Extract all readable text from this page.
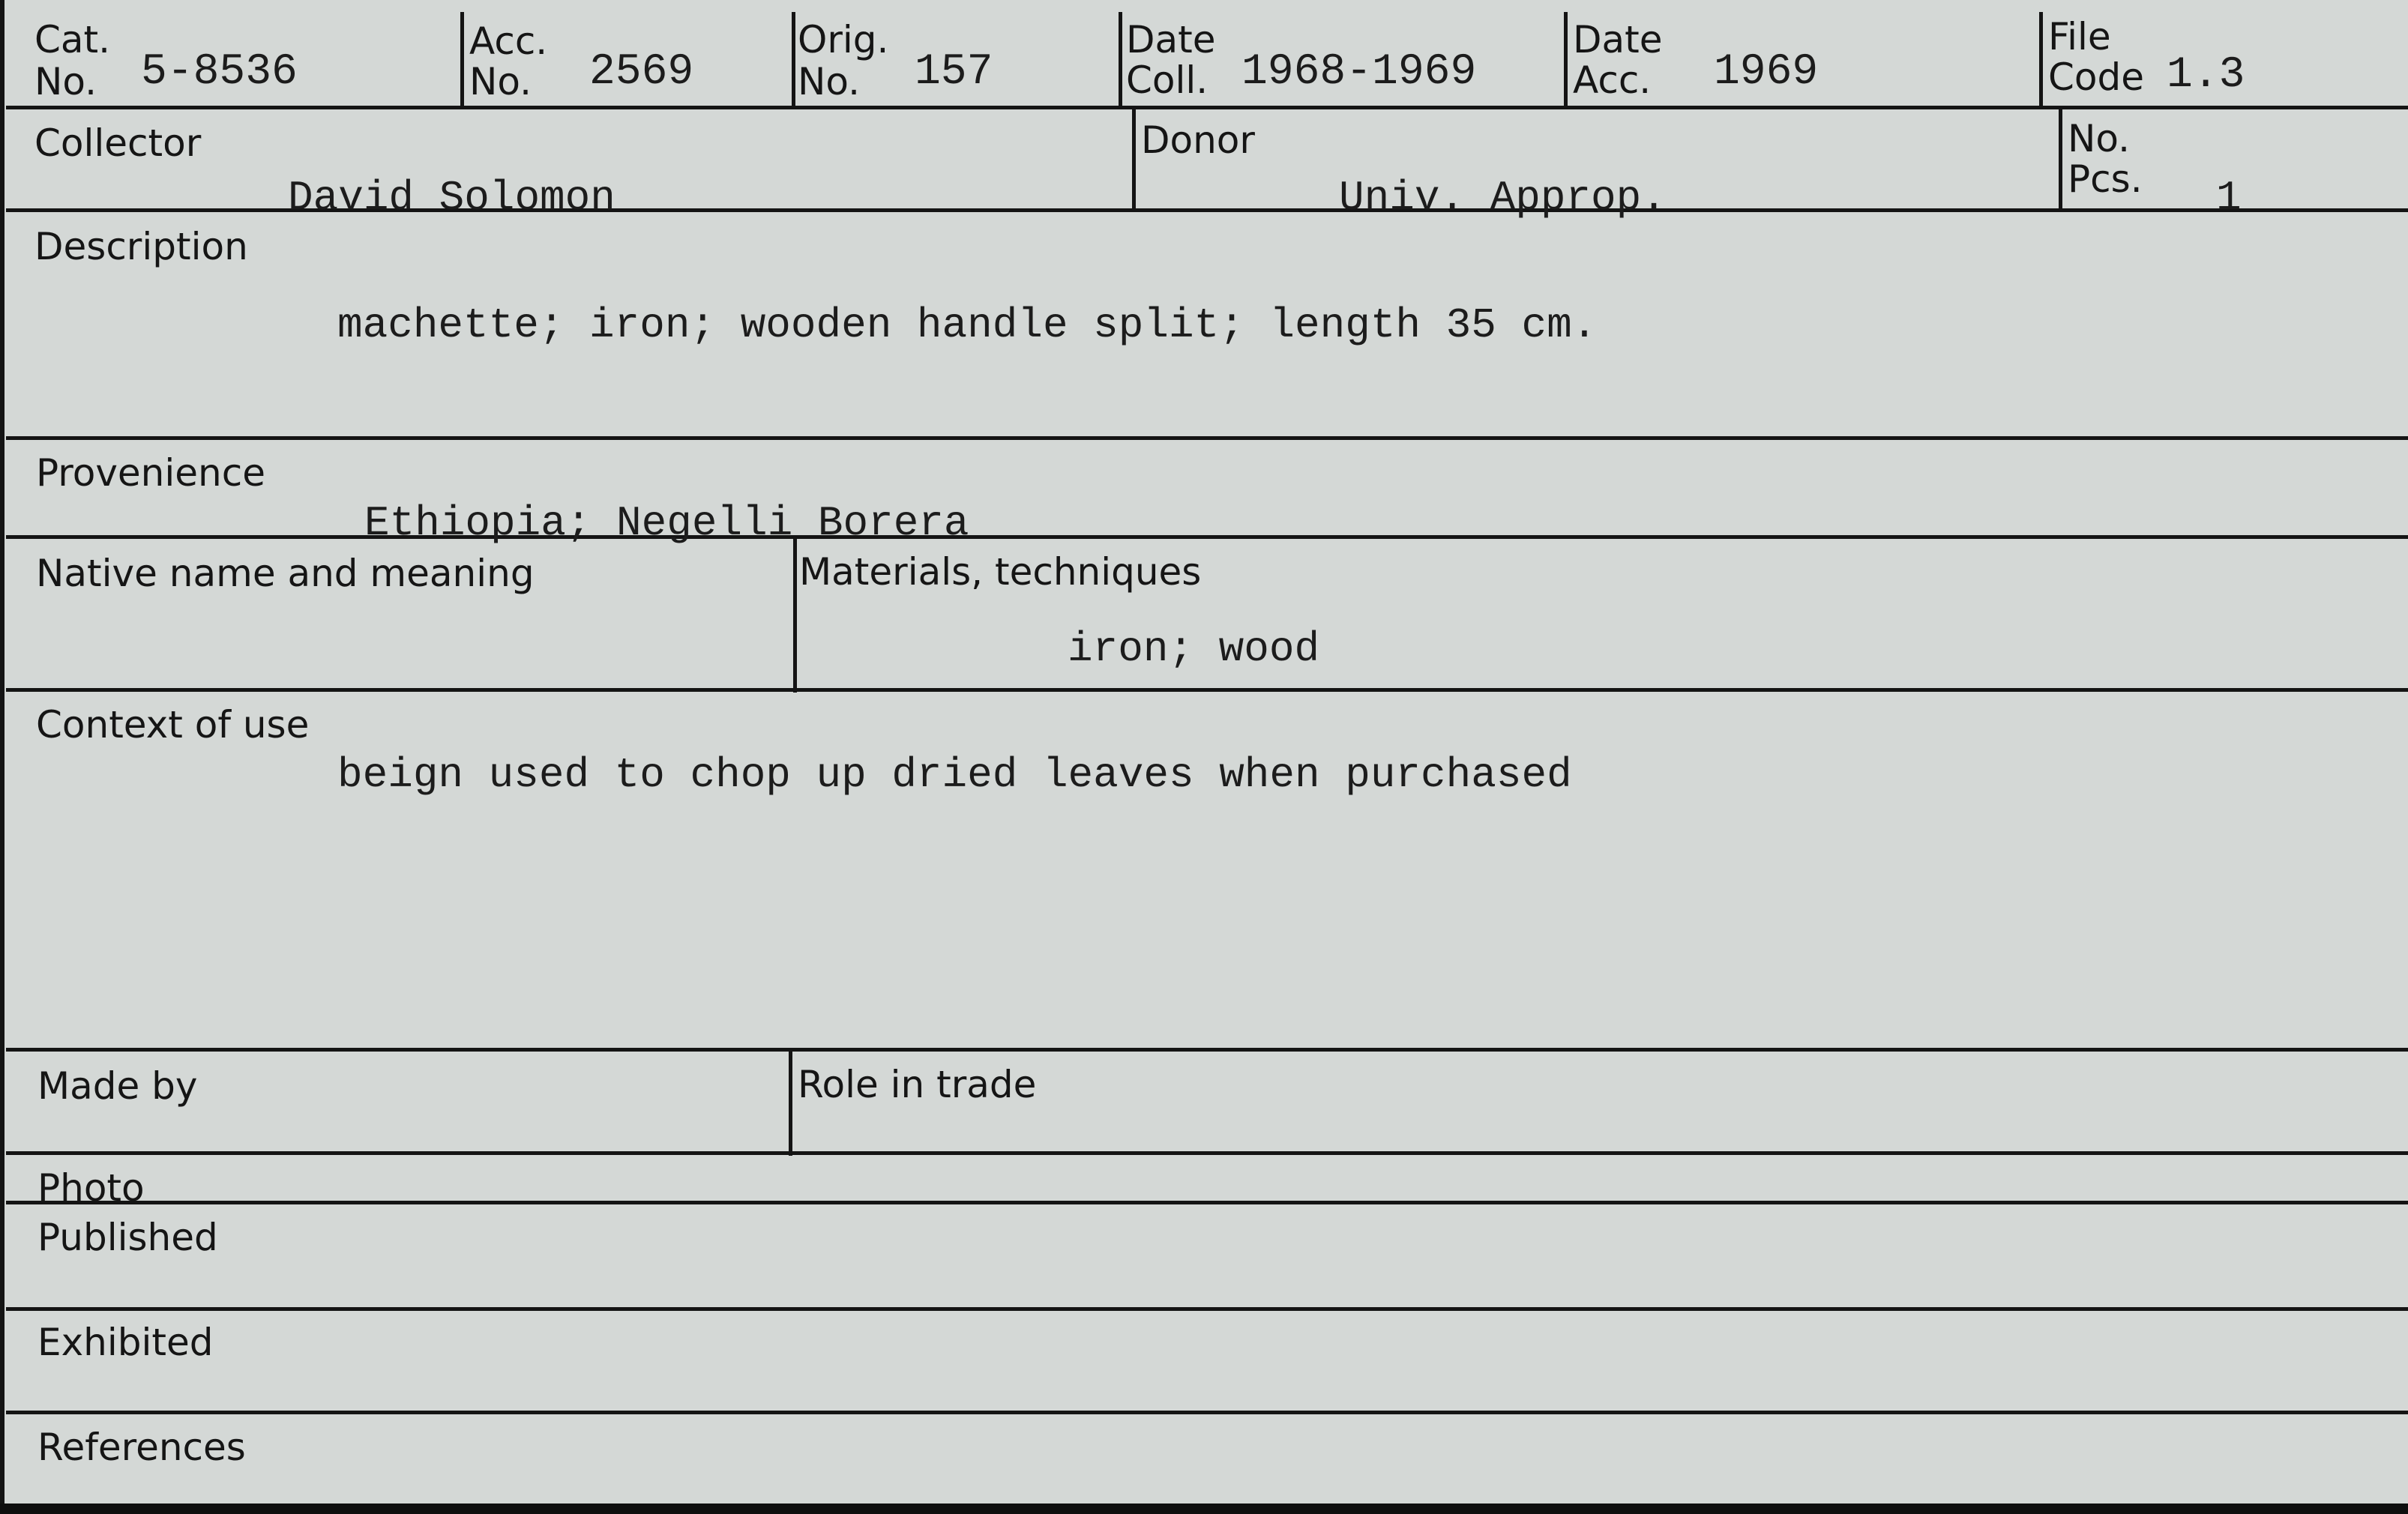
Cat.
No. 5-8536
Acc.
No. 2569
Orig.
No. 157
Date
Coll. 1968-1969
Date
Acc. 1969
File
Code 1.3
Collector
David Solomon
Donor
Univ. Approp.
No.
Pcs. 1
Description
machette; iron; wooden handle split; length 35 cm.
Provenience
Ethiopia; Negelli Borera
Native name and meaning	Materials, techniques
iron; wood
Context of use
beign used to chop up dried leaves when purchased
Made by	Role in trade
Photo
Published
Exhibited
References
